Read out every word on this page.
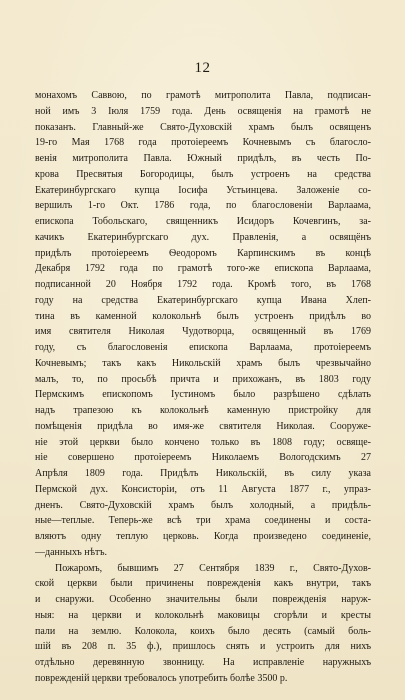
12
монахомъ Саввою, по грамотѣ митрополита Павла, подписан-
ной имъ 3 Іюля 1759 года. День освященія на грамотѣ не
показанъ. Главный-же Свято-Духовскій храмъ былъ освященъ
19-го Мая 1768 года протоіереемъ Кочневымъ съ благосло-
венія митрополита Павла. Южный придѣлъ, въ честь По-
крова Пресвятыя Богородицы, былъ устроенъ на средства
Екатеринбургскаго купца Іосифа Устьинцева. Заложеніе со-
вершилъ 1-го Окт. 1786 года, по благословеніи Варлаама,
епископа Тобольскаго, священникъ Исидоръ Кочевгинъ, за-
качикъ Екатеринбургскаго дух. Правленія, а освящёнъ
придѣлъ протоіереемъ Ѳеодоромъ Карпинскимъ въ концѣ
Декабря 1792 года по грамотѣ того-же епископа Варлаама,
подписанной 20 Ноября 1792 года. Кромѣ того, въ 1768
году на средства Екатеринбургскаго купца Ивана Хлеп-
тина въ каменной колокольнѣ былъ устроенъ придѣлъ во
имя святителя Николая Чудотворца, освященный въ 1769
году, съ благословенія епископа Варлаама, протоіереемъ
Кочневымъ; такъ какъ Никольскій храмъ былъ чрезвычайно
малъ, то, по просьбѣ причта и прихожанъ, въ 1803 году
Пермскимъ епископомъ Іустиномъ было разрѣшено сдѣлать
надъ трапезою къ колокольнѣ каменную пристройку для
помѣщенія придѣла во имя-же святителя Николая. Сооруже-
ніе этой церкви было кончено только въ 1808 году; освяще-
ніе совершено протоіереемъ Николаемъ Вологодскимъ 27
Апрѣля 1809 года. Придѣлъ Никольскій, въ силу указа
Пермской дух. Консисторіи, отъ 11 Августа 1877 г., упраз-
дненъ. Свято-Духовскій храмъ былъ холодный, а придѣль-
ные—теплые. Теперь-же всѣ три храма соединены и соста-
вляютъ одну теплую церковь. Когда произведено соединеніе,
—данныхъ нѣтъ.
Пожаромъ, бывшимъ 27 Сентября 1839 г., Свято-Духов-
ской церкви были причинены поврежденія какъ внутри, такъ
и снаружи. Особенно значительны были поврежденія наруж-
ныя: на церкви и колокольнѣ маковицы сгорѣли и кресты
пали на землю. Колокола, коихъ было десять (самый боль-
шій въ 208 п. 35 ф.), пришлось снять и устроить для нихъ
отдѣльно деревянную звонницу. На исправленіе наружныхъ
поврежденій церкви требовалось употребить болѣе 3500 р.
